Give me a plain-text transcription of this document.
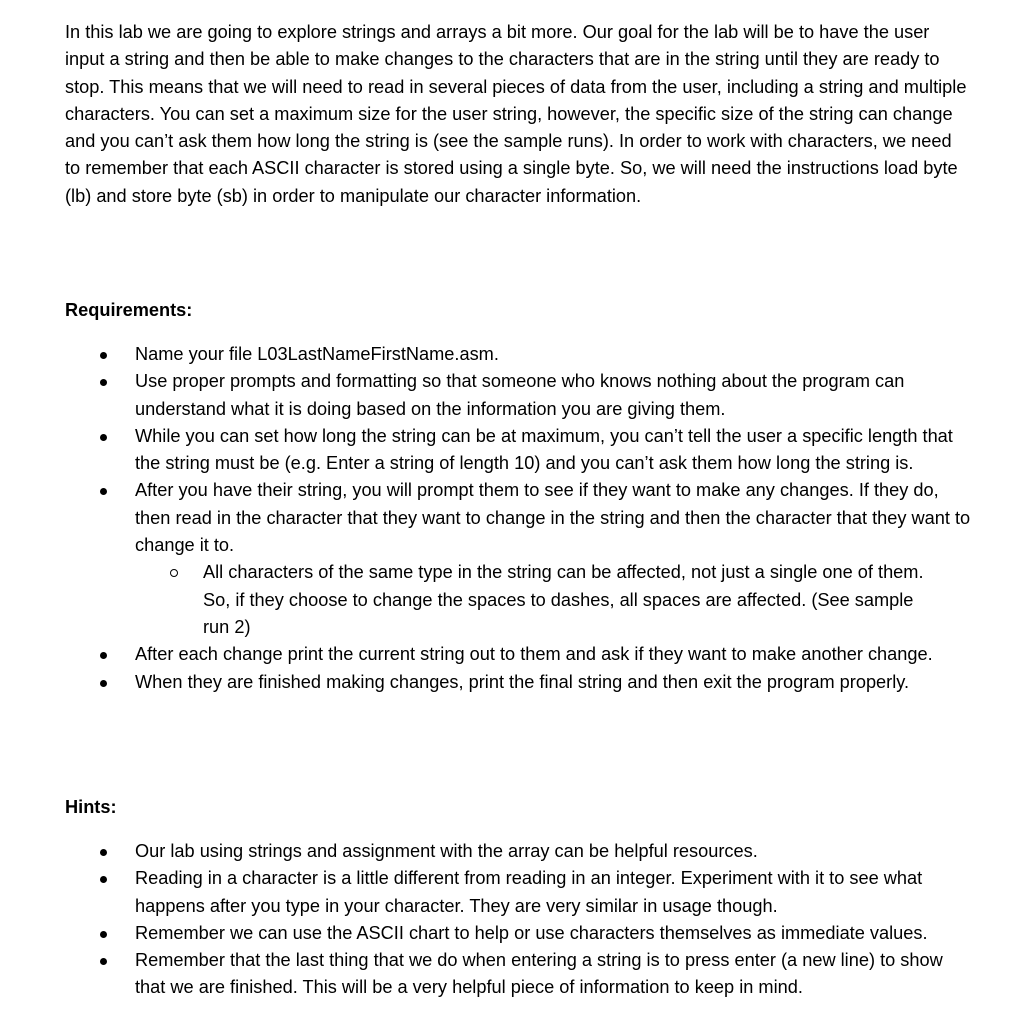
In this lab we are going to explore strings and arrays a bit more. Our goal for the lab will be to have the user input a string and then be able to make changes to the characters that are in the string until they are ready to stop. This means that we will need to read in several pieces of data from the user, including a string and multiple characters. You can set a maximum size for the user string, however, the specific size of the string can change and you can’t ask them how long the string is (see the sample runs). In order to work with characters, we need to remember that each ASCII character is stored using a single byte. So, we will need the instructions load byte (lb) and store byte (sb) in order to manipulate our character information.

Requirements:

Name your file L03LastNameFirstName.asm.
Use proper prompts and formatting so that someone who knows nothing about the program can understand what it is doing based on the information you are giving them.
While you can set how long the string can be at maximum, you can’t tell the user a specific length that the string must be (e.g. Enter a string of length 10) and you can’t ask them how long the string is.
After you have their string, you will prompt them to see if they want to make any changes. If they do, then read in the character that they want to change in the string and then the character that they want to change it to.
All characters of the same type in the string can be affected, not just a single one of them. So, if they choose to change the spaces to dashes, all spaces are affected. (See sample run 2)
After each change print the current string out to them and ask if they want to make another change.
When they are finished making changes, print the final string and then exit the program properly.

Hints:

Our lab using strings and assignment with the array can be helpful resources.
Reading in a character is a little different from reading in an integer. Experiment with it to see what happens after you type in your character. They are very similar in usage though.
Remember we can use the ASCII chart to help or use characters themselves as immediate values.
Remember that the last thing that we do when entering a string is to press enter (a new line) to show that we are finished. This will be a very helpful piece of information to keep in mind.
